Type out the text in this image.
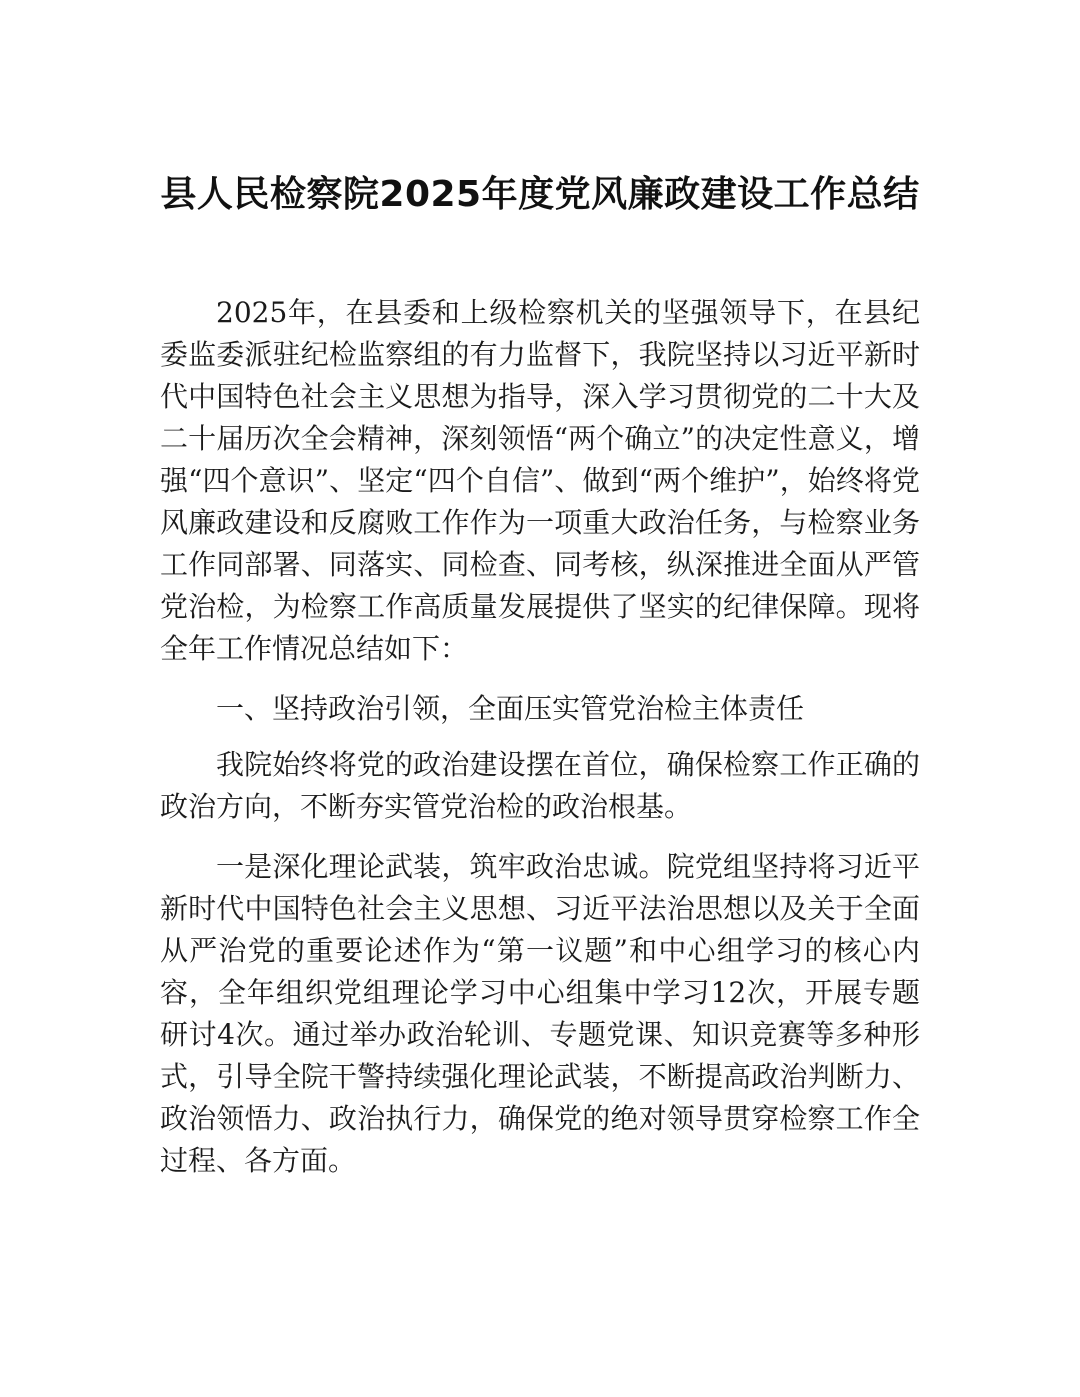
县人民检察院2025年度党风廉政建设工作总结

2025年，在县委和上级检察机关的坚强领导下，在县纪委监委派驻纪检监察组的有力监督下，我院坚持以习近平新时代中国特色社会主义思想为指导，深入学习贯彻党的二十大及二十届历次全会精神，深刻领悟“两个确立”的决定性意义，增强“四个意识”、坚定“四个自信”、做到“两个维护”，始终将党风廉政建设和反腐败工作作为一项重大政治任务，与检察业务工作同部署、同落实、同检查、同考核，纵深推进全面从严管党治检，为检察工作高质量发展提供了坚实的纪律保障。现将全年工作情况总结如下：

一、坚持政治引领，全面压实管党治检主体责任

我院始终将党的政治建设摆在首位，确保检察工作正确的政治方向，不断夯实管党治检的政治根基。

一是深化理论武装，筑牢政治忠诚。院党组坚持将习近平新时代中国特色社会主义思想、习近平法治思想以及关于全面从严治党的重要论述作为“第一议题”和中心组学习的核心内容，全年组织党组理论学习中心组集中学习12次，开展专题研讨4次。通过举办政治轮训、专题党课、知识竞赛等多种形式，引导全院干警持续强化理论武装，不断提高政治判断力、政治领悟力、政治执行力，确保党的绝对领导贯穿检察工作全过程、各方面。
